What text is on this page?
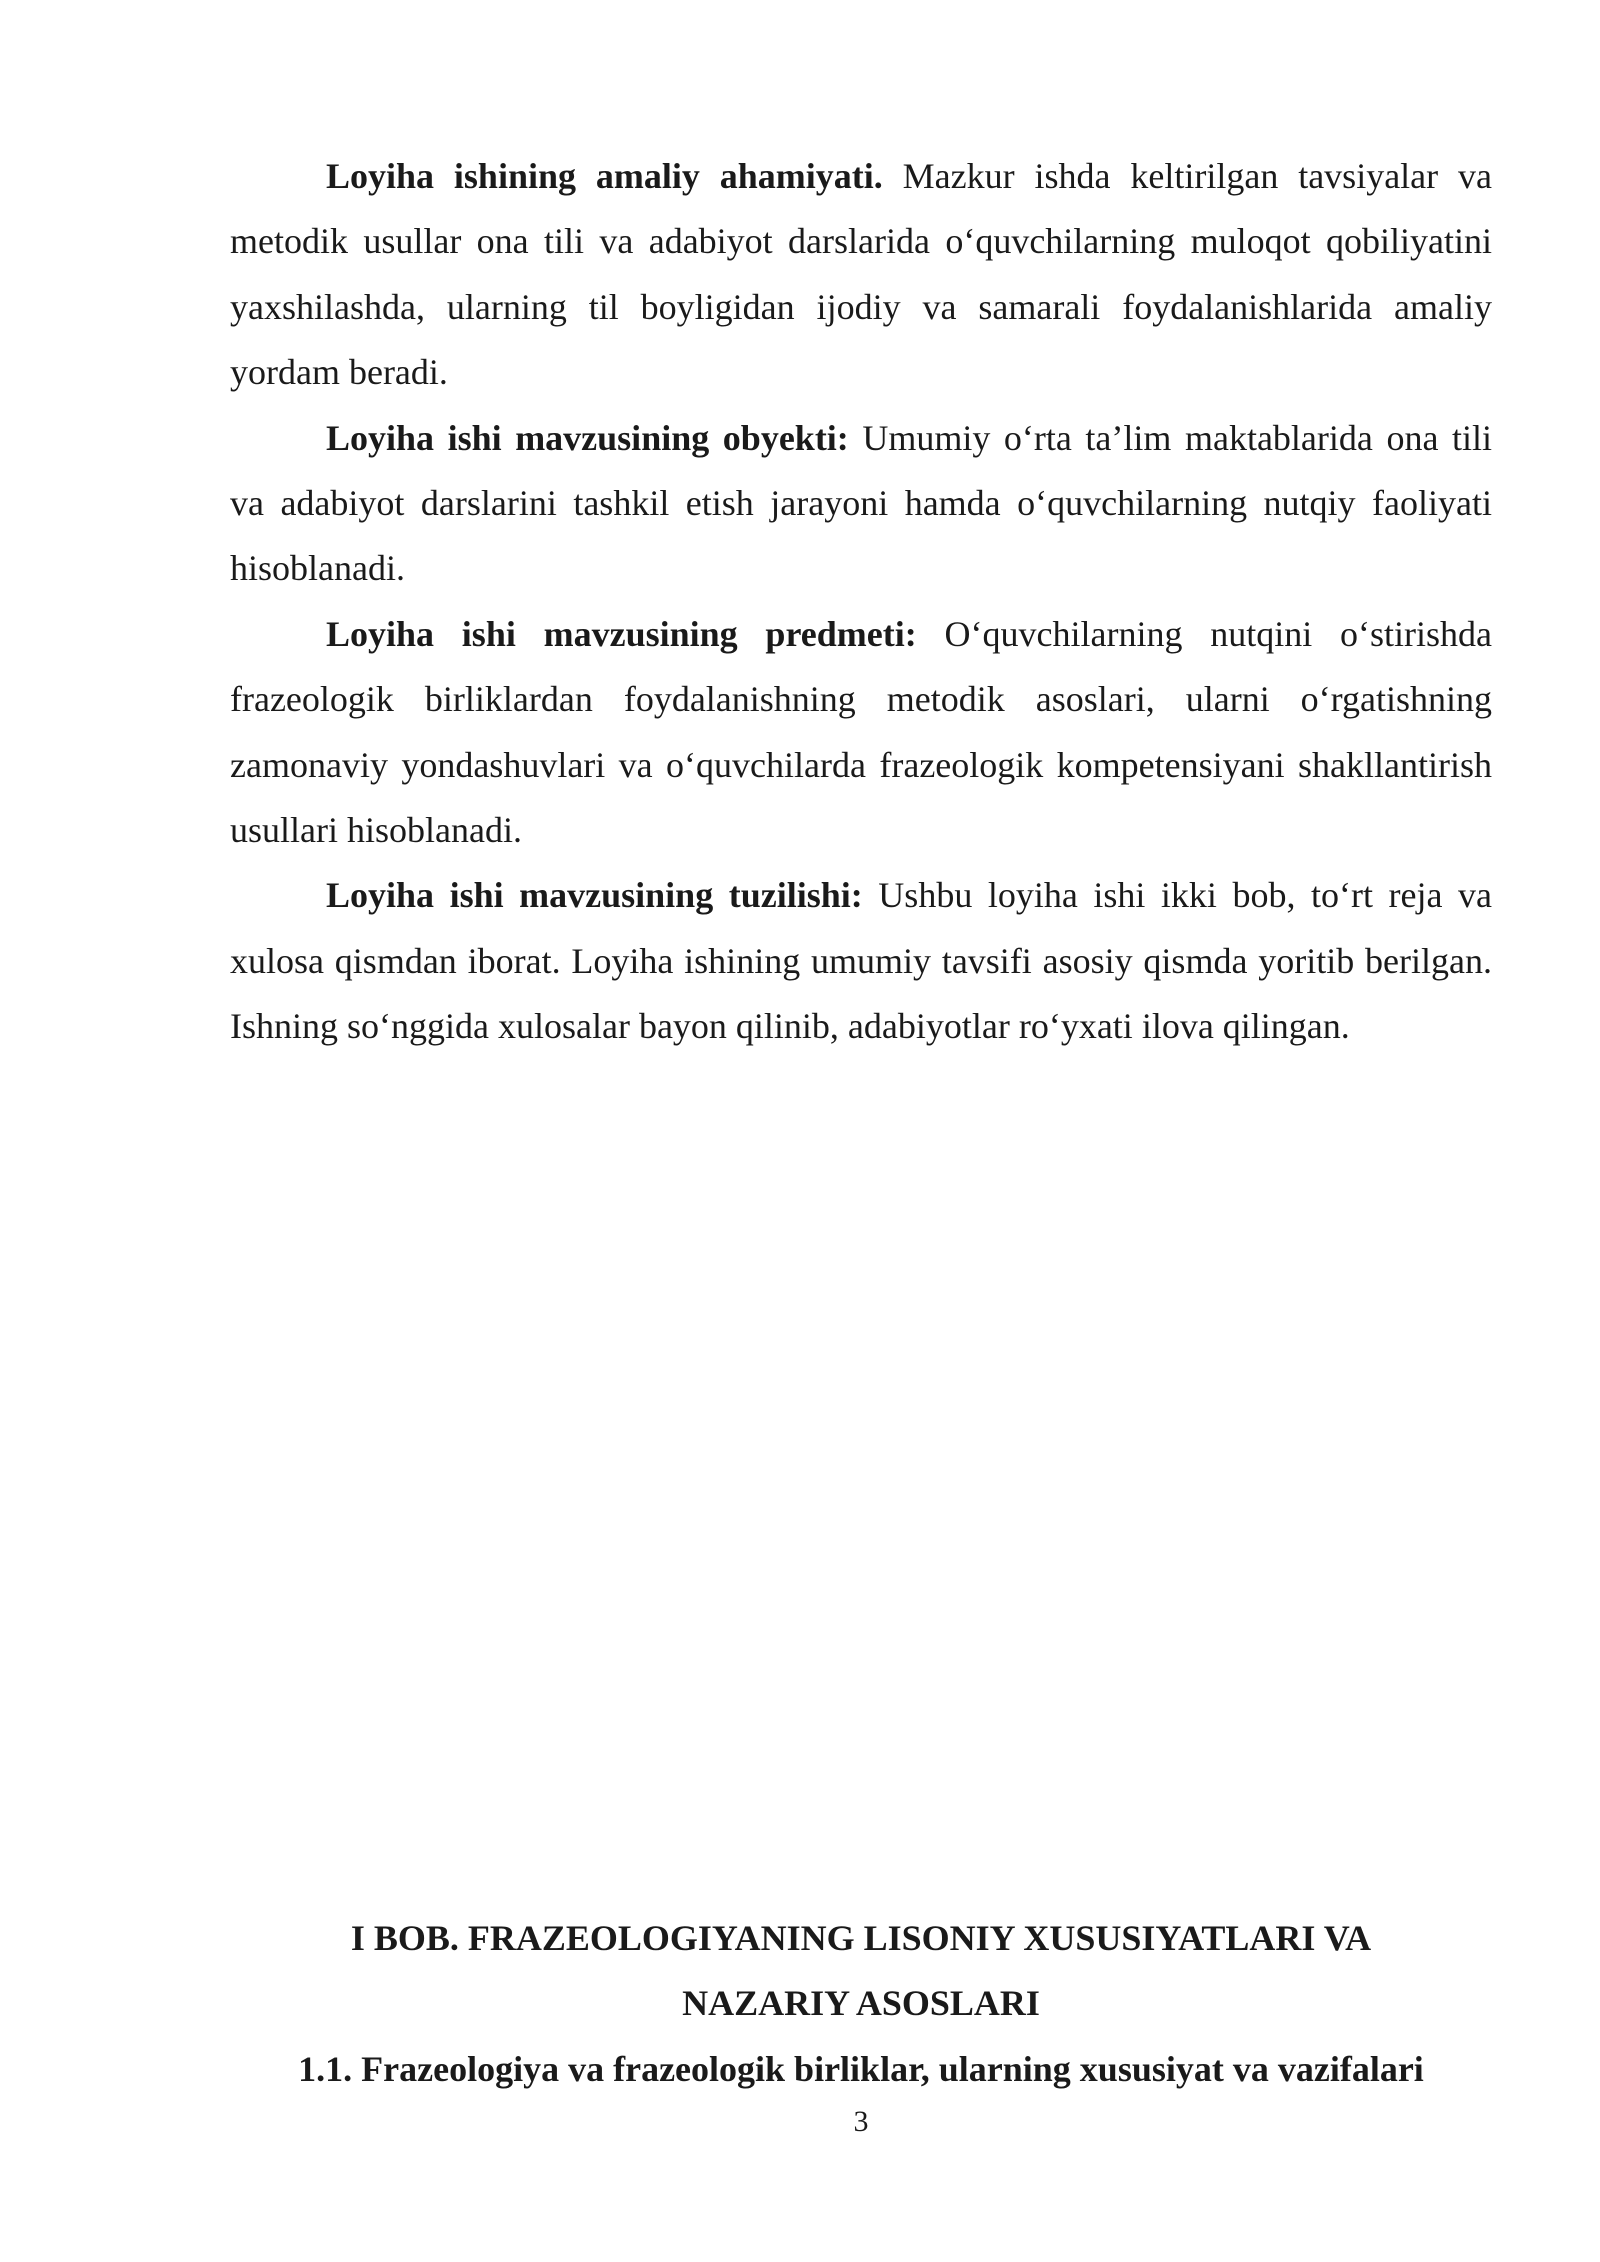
Loyiha ishining amaliy ahamiyati. Mazkur ishda keltirilgan tavsiyalar va metodik usullar ona tili va adabiyot darslarida o‘quvchilarning muloqot qobiliyatini yaxshilashda, ularning til boyligidan ijodiy va samarali foydalanishlarida amaliy yordam beradi.

Loyiha ishi mavzusining obyekti: Umumiy o‘rta ta’lim maktablarida ona tili va adabiyot darslarini tashkil etish jarayoni hamda o‘quvchilarning nutqiy faoliyati hisoblanadi.

Loyiha ishi mavzusining predmeti: O‘quvchilarning nutqini o‘stirishda frazeologik birliklardan foydalanishning metodik asoslari, ularni o‘rgatishning zamonaviy yondashuvlari va o‘quvchilarda frazeologik kompetensiyani shakllantirish usullari hisoblanadi.

Loyiha ishi mavzusining tuzilishi: Ushbu loyiha ishi ikki bob, to‘rt reja va xulosa qismdan iborat. Loyiha ishining umumiy tavsifi asosiy qismda yoritib berilgan. Ishning so‘nggida xulosalar bayon qilinib, adabiyotlar ro‘yxati ilova qilingan.

I BOB. FRAZEOLOGIYANING LISONIY XUSUSIYATLARI VA
NAZARIY ASOSLARI
1.1. Frazeologiya va frazeologik birliklar, ularning xususiyat va vazifalari
3
